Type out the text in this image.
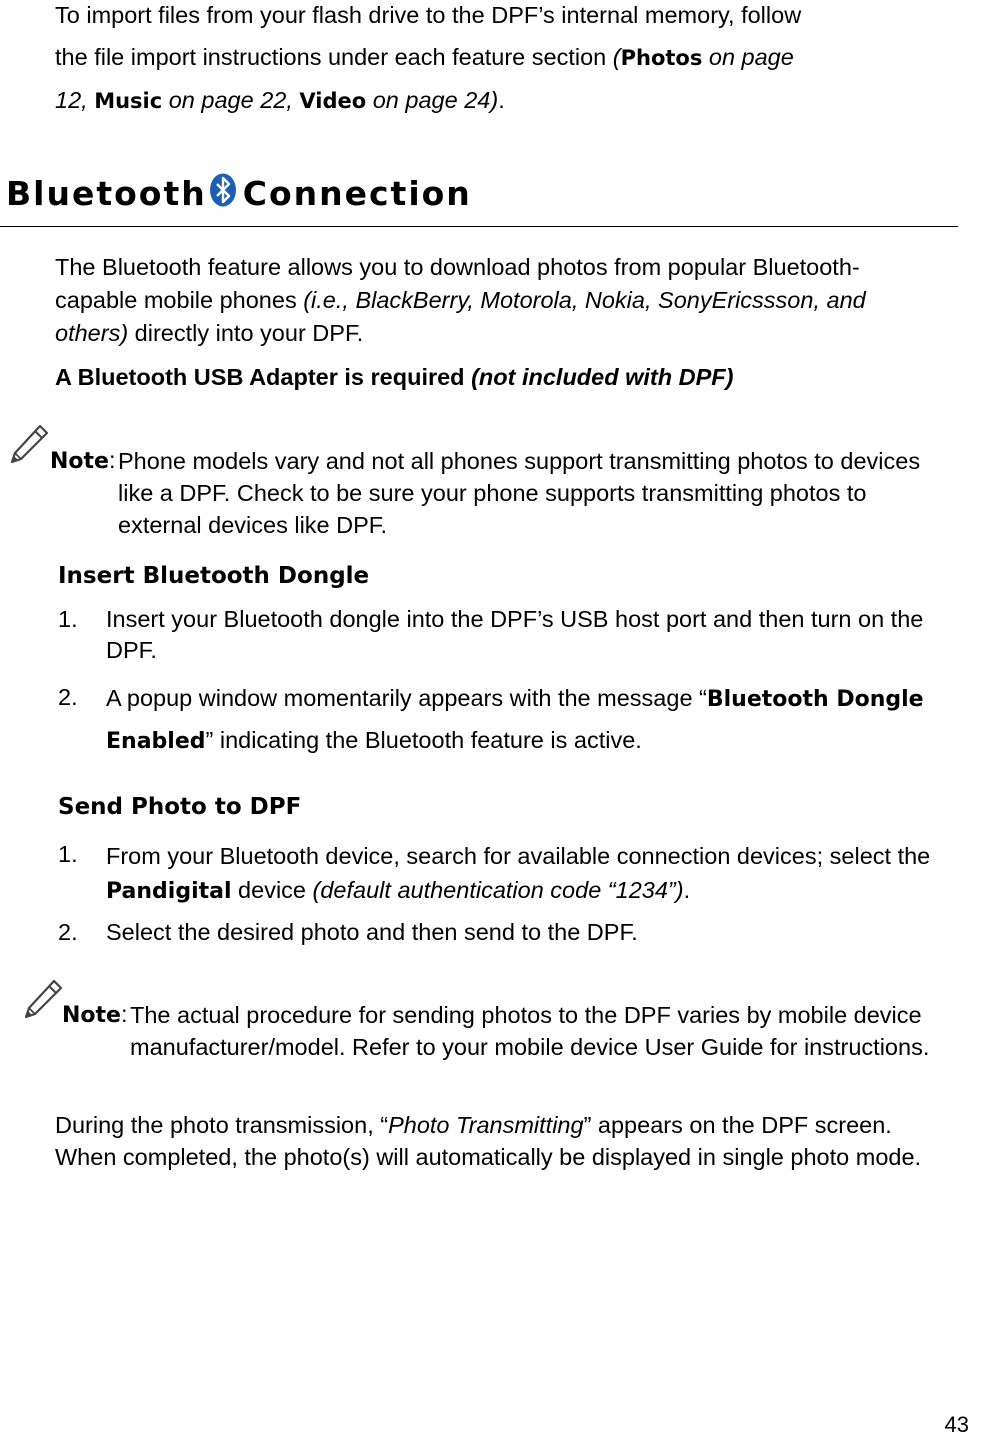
To import files from your flash drive to the DPF’s internal memory, follow
the file import instructions under each feature section (Photos on page
12, Music on page 22, Video on page 24).
Bluetooth Connection
The Bluetooth feature allows you to download photos from popular Bluetooth-capable mobile phones (i.e., BlackBerry, Motorola, Nokia, SonyEricssson, and others) directly into your DPF.
A Bluetooth USB Adapter is required (not included with DPF)
Note: Phone models vary and not all phones support transmitting photos to devices like a DPF. Check to be sure your phone supports transmitting photos to external devices like DPF.
Insert Bluetooth Dongle
1. Insert your Bluetooth dongle into the DPF’s USB host port and then turn on the DPF.
2. A popup window momentarily appears with the message “Bluetooth Dongle Enabled” indicating the Bluetooth feature is active.
Send Photo to DPF
1. From your Bluetooth device, search for available connection devices; select the Pandigital device (default authentication code “1234”).
2. Select the desired photo and then send to the DPF.
Note: The actual procedure for sending photos to the DPF varies by mobile device manufacturer/model. Refer to your mobile device User Guide for instructions.
During the photo transmission, “Photo Transmitting” appears on the DPF screen. When completed, the photo(s) will automatically be displayed in single photo mode.
43
